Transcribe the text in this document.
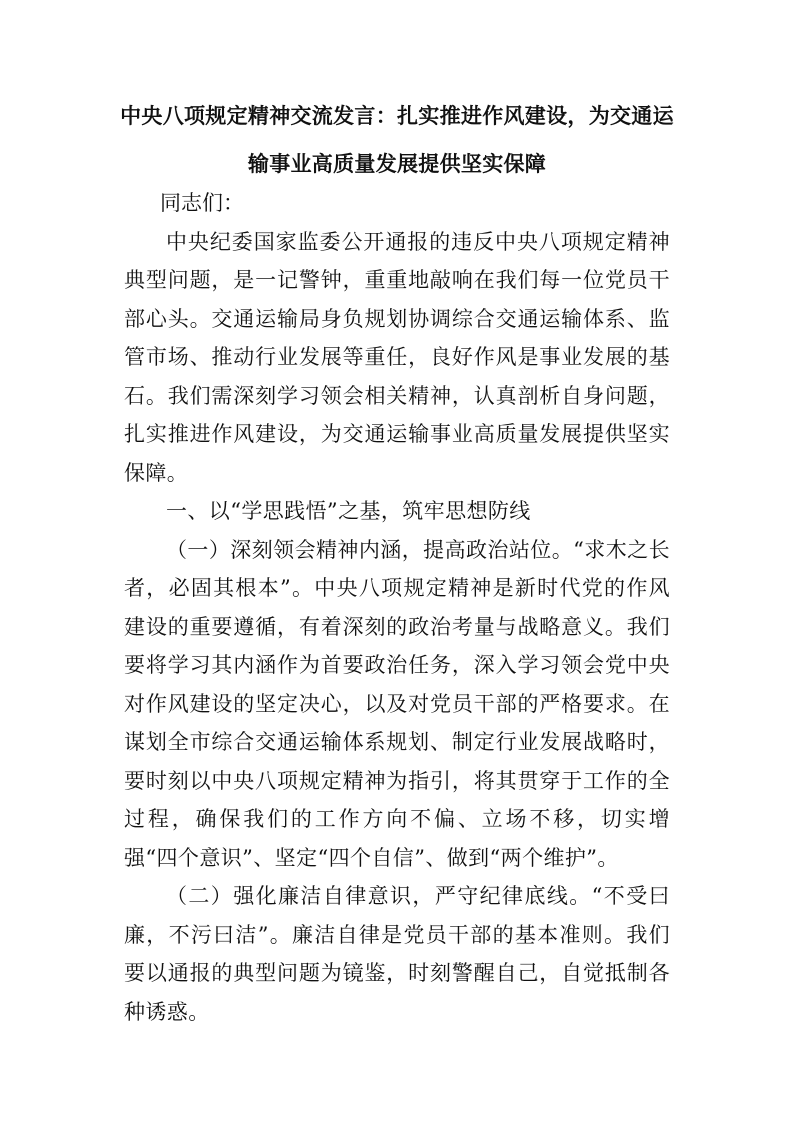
中央八项规定精神交流发言：扎实推进作风建设，为交通运
输事业高质量发展提供坚实保障

同志们：

中央纪委国家监委公开通报的违反中央八项规定精神典型问题，是一记警钟，重重地敲响在我们每一位党员干部心头。交通运输局身负规划协调综合交通运输体系、监管市场、推动行业发展等重任，良好作风是事业发展的基石。我们需深刻学习领会相关精神，认真剖析自身问题，扎实推进作风建设，为交通运输事业高质量发展提供坚实保障。

一、以“学思践悟”之基，筑牢思想防线

（一）深刻领会精神内涵，提高政治站位。“求木之长者，必固其根本”。中央八项规定精神是新时代党的作风建设的重要遵循，有着深刻的政治考量与战略意义。我们要将学习其内涵作为首要政治任务，深入学习领会党中央对作风建设的坚定决心，以及对党员干部的严格要求。在谋划全市综合交通运输体系规划、制定行业发展战略时，要时刻以中央八项规定精神为指引，将其贯穿于工作的全过程，确保我们的工作方向不偏、立场不移，切实增强“四个意识”、坚定“四个自信”、做到“两个维护”。

（二）强化廉洁自律意识，严守纪律底线。“不受曰廉，不污曰洁”。廉洁自律是党员干部的基本准则。我们要以通报的典型问题为镜鉴，时刻警醒自己，自觉抵制各种诱惑。
